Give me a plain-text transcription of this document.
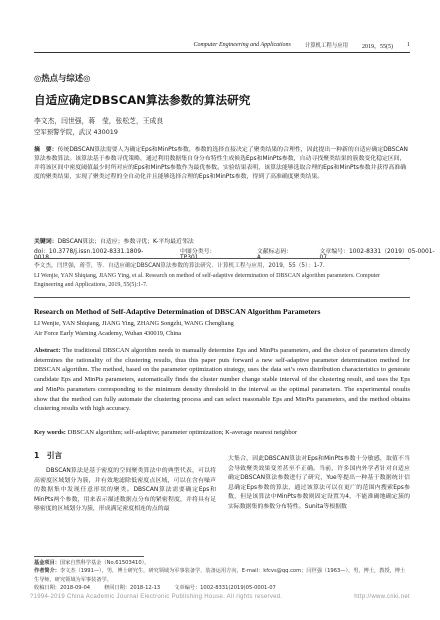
Computer Engineering and Applications	计算机工程与应用 2019，55(5) 1
◎热点与综述◎
自适应确定DBSCAN算法参数的算法研究
李文杰，闫世强，蒋　莹，张松芝，王成良
空军预警学院，武汉 430019
摘　要：传统DBSCAN算法需要人为确定Eps和MinPts参数，参数的选择直接决定了聚类结果的合理性，因此提出一种新的自适应确定DBSCAN算法参数算法。该算法基于参数寻优策略，通过利用数据集自身分布特性生成候选Eps和MinPts参数，自动寻找聚类结果的簇数变化稳定区间，并将该区间中密度阈值最少时所对应的Eps和MinPts参数作为最优参数。实验结果表明，该算法能够选取合理的Eps和MinPts参数并获得高准确度的聚类结果，实现了聚类过程的全自动化并且能够选择合理的Eps和MinPts参数，得到了高准确度聚类结果。
关键词：DBSCAN算法；自适应；参数寻优；K-平均最近邻法
doi：10.3778/j.issn.1002-8331.1809-0018
中图分类号：TP301
文献标志码：A
文章编号：1002-8331（2019）05-0001-07
李文杰，闫世强，蒋莹，等．自适应确定DBSCAN算法参数的算法研究．计算机工程与应用，2019，55（5）：1-7.
LI Wenjie, YAN Shiqiang, JIANG Ying, et al. Research on method of self-adaptive determination of DBSCAN algorithm parameters. Computer Engineering and Applications, 2019, 55(5):1-7.
Research on Method of Self-Adaptive Determination of DBSCAN Algorithm Parameters
LI Wenjie, YAN Shiqiang, JIANG Ying, ZHANG Songzhi, WANG Chengliang
Air Force Early Warning Academy, Wuhan 430019, China
Abstract: The traditional DBSCAN algorithm needs to manually determine Eps and MinPts parameters, and the choice of parameters directly determines the rationality of the clustering results, thus this paper puts forward a new self-adaptive parameter determination method for DBSCAN algorithm. The method, based on the parameter optimization strategy, uses the data set’s own distribution characteristics to generate candidate Eps and MinPts parameters, automatically finds the cluster number change stable interval of the clustering result, and uses the Eps and MinPts parameters corresponding to the minimum density threshold in the interval as the optimal parameters. The experimental results show that the method can fully automate the clustering process and can select reasonable Eps and MinPts parameters, and the method obtains clustering results with high accuracy.
Key words: DBSCAN algorithm; self-adaptive; parameter optimization; K-average nearest neighbor
1　引言

DBSCAN算法是基于密度的空间聚类算法中的典型代表，可以将高密度区域划分为簇，并有效地滤除低密度点区域，可以在含有噪声的数据集中发现任意形状的聚类。DBSCAN算法需要确定Eps和MinPts两个参数，用来表示描述数据点分布的紧密程度，并将具有足够密度的区域划分为簇，形成满足密度相连的点的最

大集合，因此DBSCAN算法对Eps和MinPts参数十分敏感，取值不当会导致聚类效果变差甚至不正确。当前，许多国内外学者针对自适应确定DBSCAN算法参数进行了研究，Yue等提出一种基于数据统计信息确定Eps参数的算法，通过该算法可以在更广的范围内搜索Eps参数，但是该算法中MinPts参数则固定设置为4，不能准确地确定簇的实际数据集的参数分布特性。Sunita等根据数

基金项目：国家自然科学基金（No.61503410）。
作者简介：李文杰（1991—），男，博士研究生，研究领域为军事装备学，装备运用方向，E-mail：kfcvs@qq.com；闫世强（1963—），男，博士，教授，博士生导师，研究领域为军事装备学。
收稿日期：2018-09-04	修回日期：2018-12-13	文章编号：1002-8331(2019)05-0001-07
?1994-2019 China Academic Journal Electronic Publishing House. All rights reserved.	http://www.cnki.net
